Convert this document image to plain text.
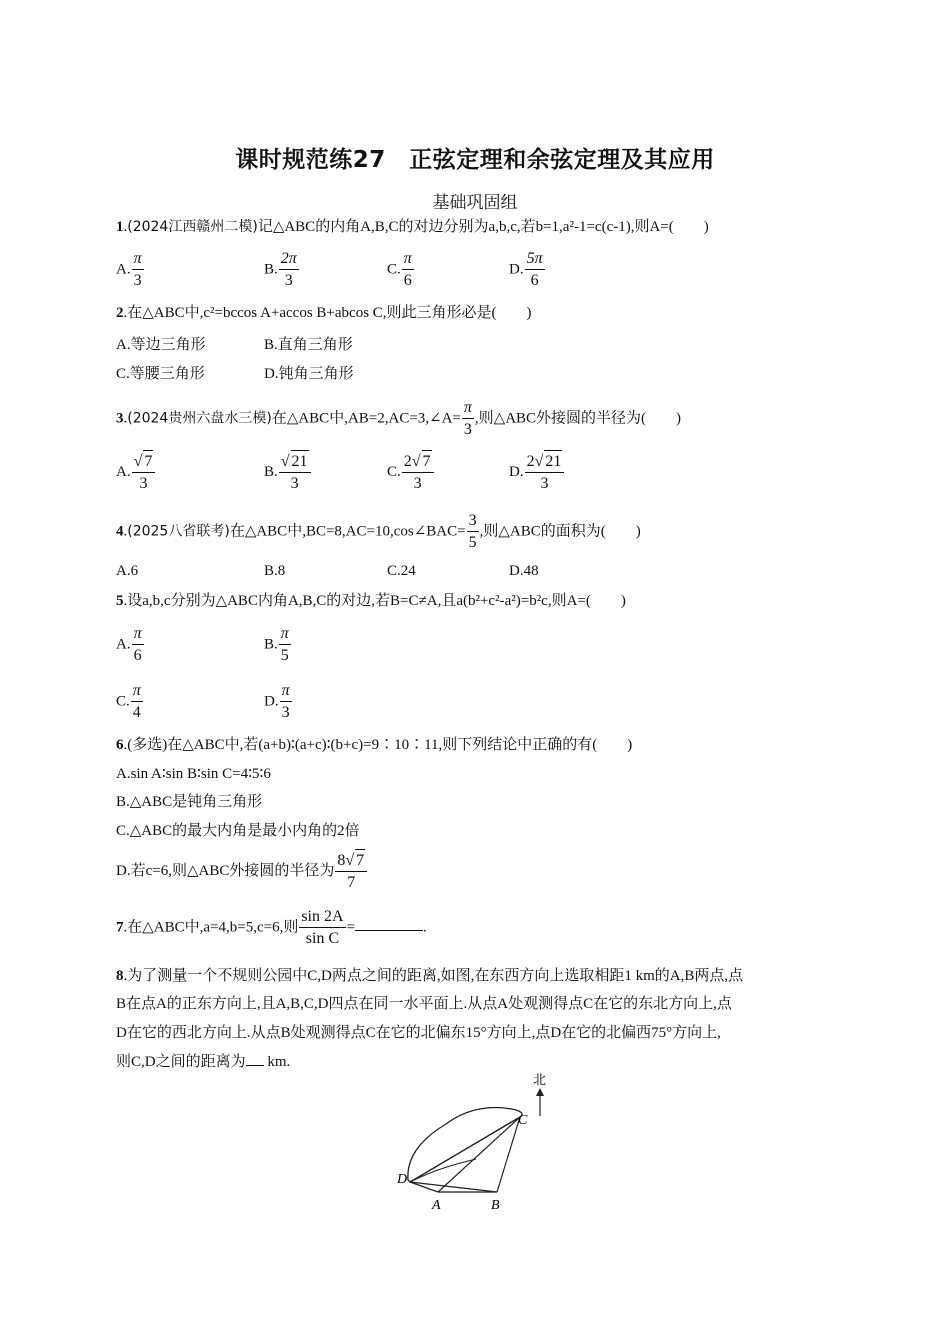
课时规范练27　正弦定理和余弦定理及其应用
基础巩固组
1.(2024江西赣州二模)记△ABC的内角A,B,C的对边分别为a,b,c,若b=1,a²-1=c(c-1),则A=(　　)
A. $\frac{\pi}{3}$	B. $\frac{2\pi}{3}$	C. $\frac{\pi}{6}$	D. $\frac{5\pi}{6}$
2.在△ABC中,c²=bccos A+accos B+abcos C,则此三角形必是(　　)
A.等边三角形	B.直角三角形
C.等腰三角形	D.钝角三角形
3.(2024贵州六盘水三模)在△ABC中,AB=2,AC=3,∠A= $\frac{\pi}{3}$ ,则△ABC外接圆的半径为(　　)
A. $\frac{√ 7}{3}$	B. $\frac{√ 21}{3}$	C. $\frac{2√ 7}{3}$	D. $\frac{2√ 21}{3}$
4.(2025八省联考)在△ABC中,BC=8,AC=10,cos∠BAC= $\frac{3}{5}$ ,则△ABC的面积为(　　)
A.6	B.8	C.24	D.48
5.设a,b,c分别为△ABC内角A,B,C的对边,若B=C≠A,且a(b²+c²-a²)=b²c,则A=(　　)
A. $\frac{\pi}{6}$	B. $\frac{\pi}{5}$
C. $\frac{\pi}{4}$	D. $\frac{\pi}{3}$
6.(多选)在△ABC中,若(a+b)∶(a+c)∶(b+c)=9∶10∶11,则下列结论中正确的有(　　)
A.sin A∶sin B∶sin C=4∶5∶6
B.△ABC是钝角三角形
C.△ABC的最大内角是最小内角的2倍
D.若c=6,则△ABC外接圆的半径为 $\frac{8√ 7}{7}$
7.在△ABC中,a=4,b=5,c=6,则 $\frac{\sin 2A}{\text{sin C}}$ =	.
8.为了测量一个不规则公园中C,D两点之间的距离,如图,在东西方向上选取相距1 km的A,B两点,点
B在点A的正东方向上,且A,B,C,D四点在同一水平面上.从点A处观测得点C在它的东北方向上,点
D在它的西北方向上.从点B处观测得点C在它的北偏东15°方向上,点D在它的北偏西75°方向上,
则C,D之间的距离为 km.
北
C
D
A	B
